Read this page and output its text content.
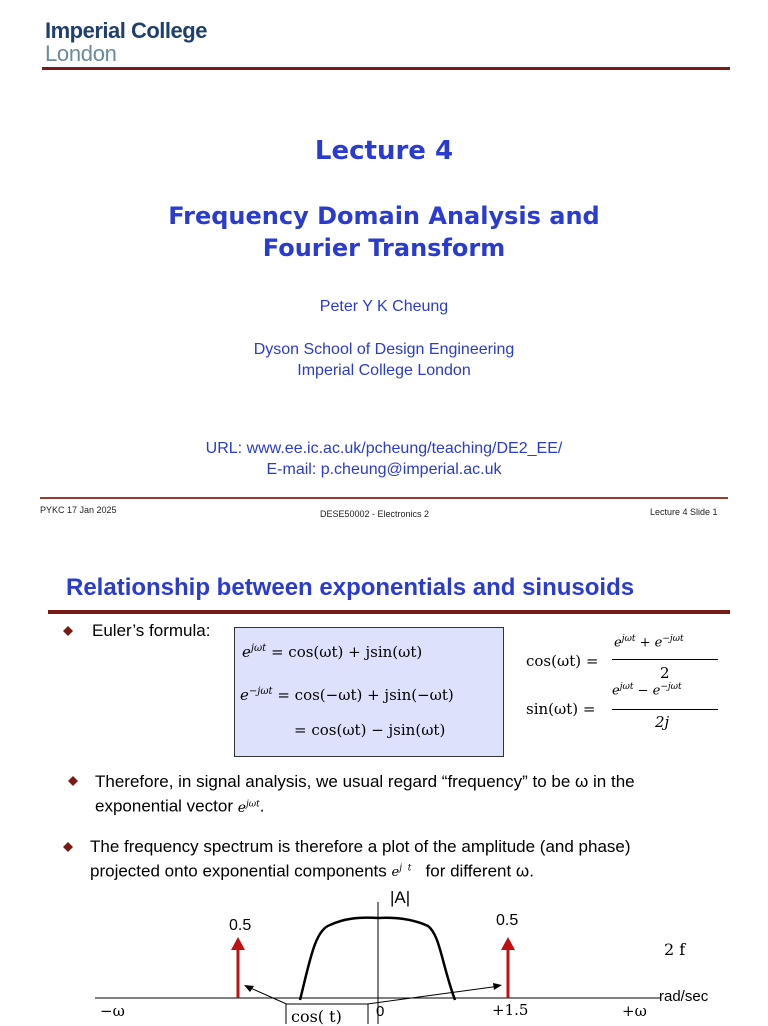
Imperial College
London
Lecture 4
Frequency Domain Analysis and
Fourier Transform
Peter Y K Cheung
Dyson School of Design Engineering
Imperial College London
URL: www.ee.ic.ac.uk/pcheung/teaching/DE2_EE/
E-mail: p.cheung@imperial.ac.uk
PYKC 17 Jan 2025	DESE50002 - Electronics 2	Lecture 4 Slide 1
Relationship between exponentials and sinusoids
Euler’s formula:
$e^{j\omega t} = \cos(\omega t) + jsin(\omega t)$
$e^{-j\omega t} = \cos(-\omega t) + jsin(-\omega t)$
= cos(ωt) − jsin(ωt)
cos(ωt) =
$e^{j\omega t} + e^{-j\omega t}$
2
sin(ωt) =
$e^{j\omega t} - e^{-j\omega t}$
2j
Therefore, in signal analysis, we usual regard “frequency” to be ω in the
exponential vector $e^{j\omega t}$.
The frequency spectrum is therefore a plot of the amplitude (and phase)
projected onto exponential components $e^{j t}$ for different ω.
|A|
0.5	0.5
2 f
rad/sec
−ω	+ω
0	+1.5
cos( t)
